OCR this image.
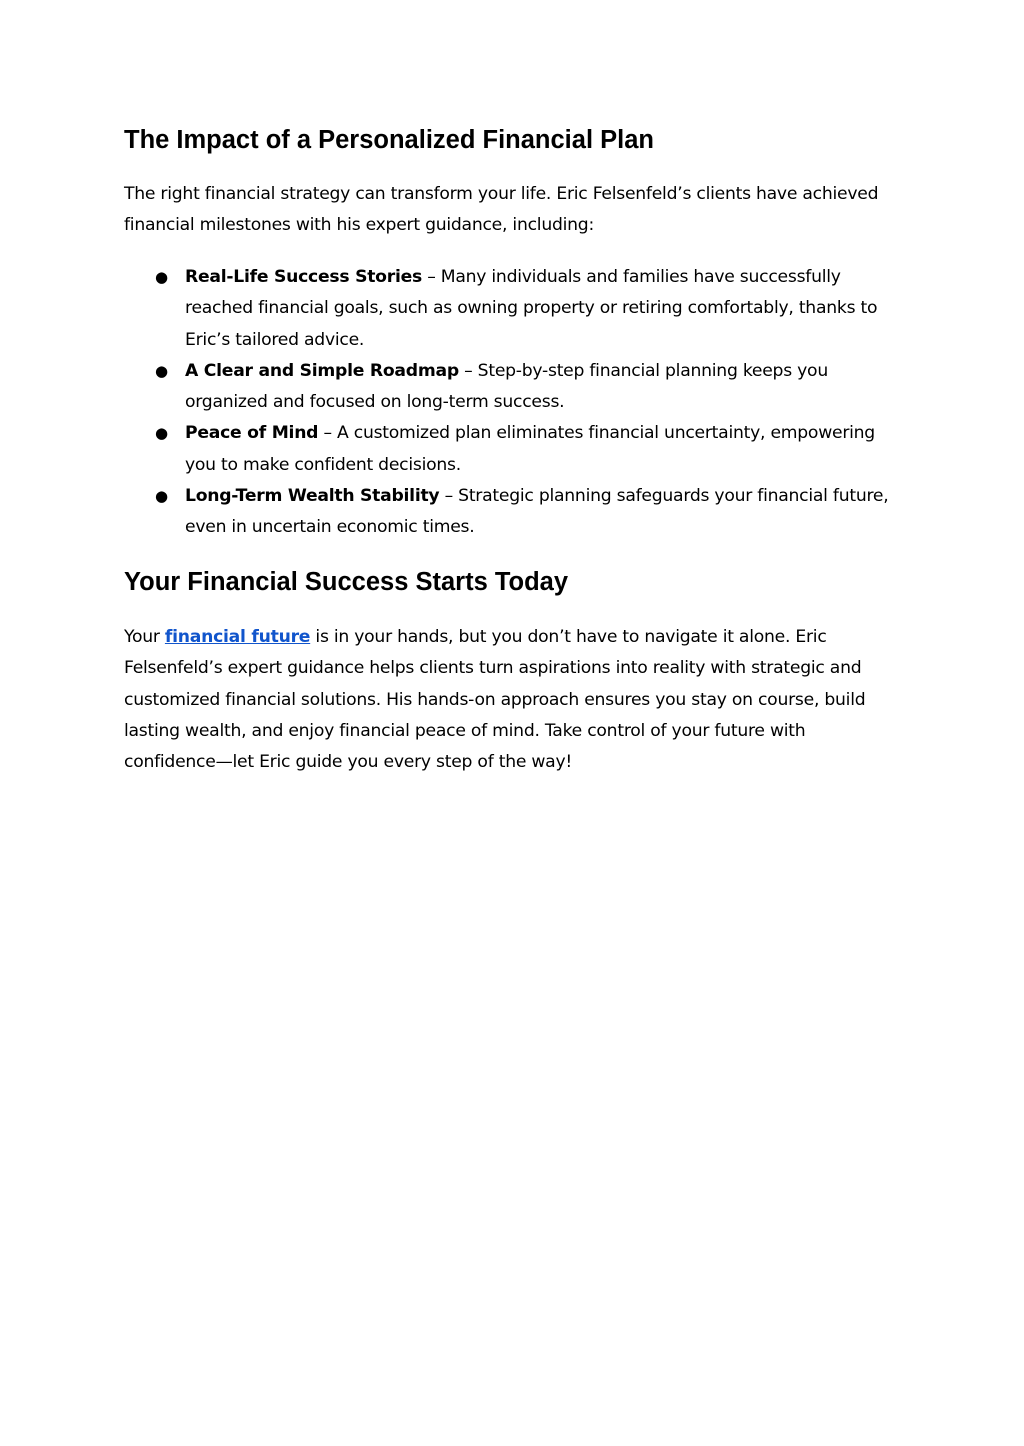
The Impact of a Personalized Financial Plan

The right financial strategy can transform your life. Eric Felsenfeld’s clients have achieved financial milestones with his expert guidance, including:

● Real-Life Success Stories – Many individuals and families have successfully reached financial goals, such as owning property or retiring comfortably, thanks to Eric’s tailored advice.
● A Clear and Simple Roadmap – Step-by-step financial planning keeps you organized and focused on long-term success.
● Peace of Mind – A customized plan eliminates financial uncertainty, empowering you to make confident decisions.
● Long-Term Wealth Stability – Strategic planning safeguards your financial future, even in uncertain economic times.
Your Financial Success Starts Today

Your financial future is in your hands, but you don’t have to navigate it alone. Eric Felsenfeld’s expert guidance helps clients turn aspirations into reality with strategic and customized financial solutions. His hands-on approach ensures you stay on course, build lasting wealth, and enjoy financial peace of mind. Take control of your future with confidence—let Eric guide you every step of the way!
